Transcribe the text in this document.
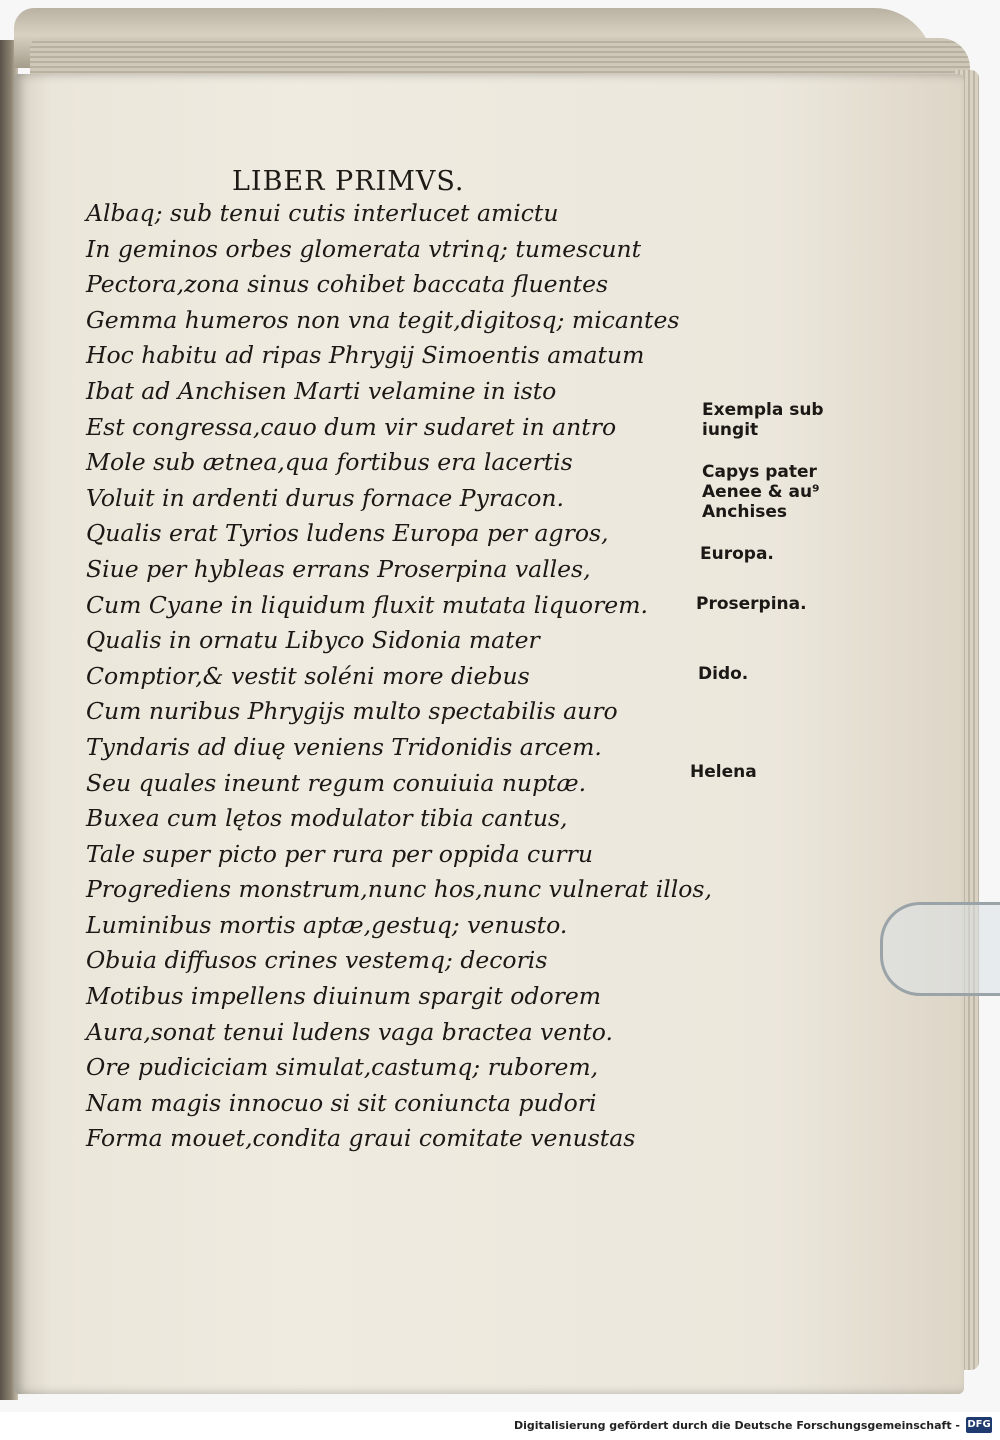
LIBER PRIMVS.
Albaq; sub tenui cutis interlucet amictu
In geminos orbes glomerata vtrinq; tumescunt
Pectora,zona sinus cohibet baccata fluentes
Gemma humeros non vna tegit,digitosq; micantes
Hoc habitu ad ripas Phrygij Simoentis amatum
Ibat ad Anchisen Marti velamine in isto
Est congressa,cauo dum vir sudaret in antro
Mole sub ætnea,qua fortibus era lacertis
Voluit in ardenti durus fornace Pyracon.
Qualis erat Tyrios ludens Europa per agros,
Siue per hybleas errans Proserpina valles,
Cum Cyane in liquidum fluxit mutata liquorem.
Qualis in ornatu Libyco Sidonia mater
Comptior,& vestit soléni more diebus
Cum nuribus Phrygijs multo spectabilis auro
Tyndaris ad diuę veniens Tridonidis arcem.
Seu quales ineunt regum conuiuia nuptæ.
Buxea cum lętos modulator tibia cantus,
Tale super picto per rura per oppida curru
Progrediens monstrum,nunc hos,nunc vulnerat illos,
Luminibus mortis aptæ,gestuq; venusto.
Obuia diffusos crines vestemq; decoris
Motibus impellens diuinum spargit odorem
Aura,sonat tenui ludens vaga bractea vento.
Ore pudiciciam simulat,castumq; ruborem,
Nam magis innocuo si sit coniuncta pudori
Forma mouet,condita graui comitate venustas
Exempla sub
iungit
Capys pater
Aenee & au⁹
Anchises
Europa.
Proserpina.
Dido.
Helena
Digitalisierung gefördert durch die Deutsche Forschungsgemeinschaft - DFG
